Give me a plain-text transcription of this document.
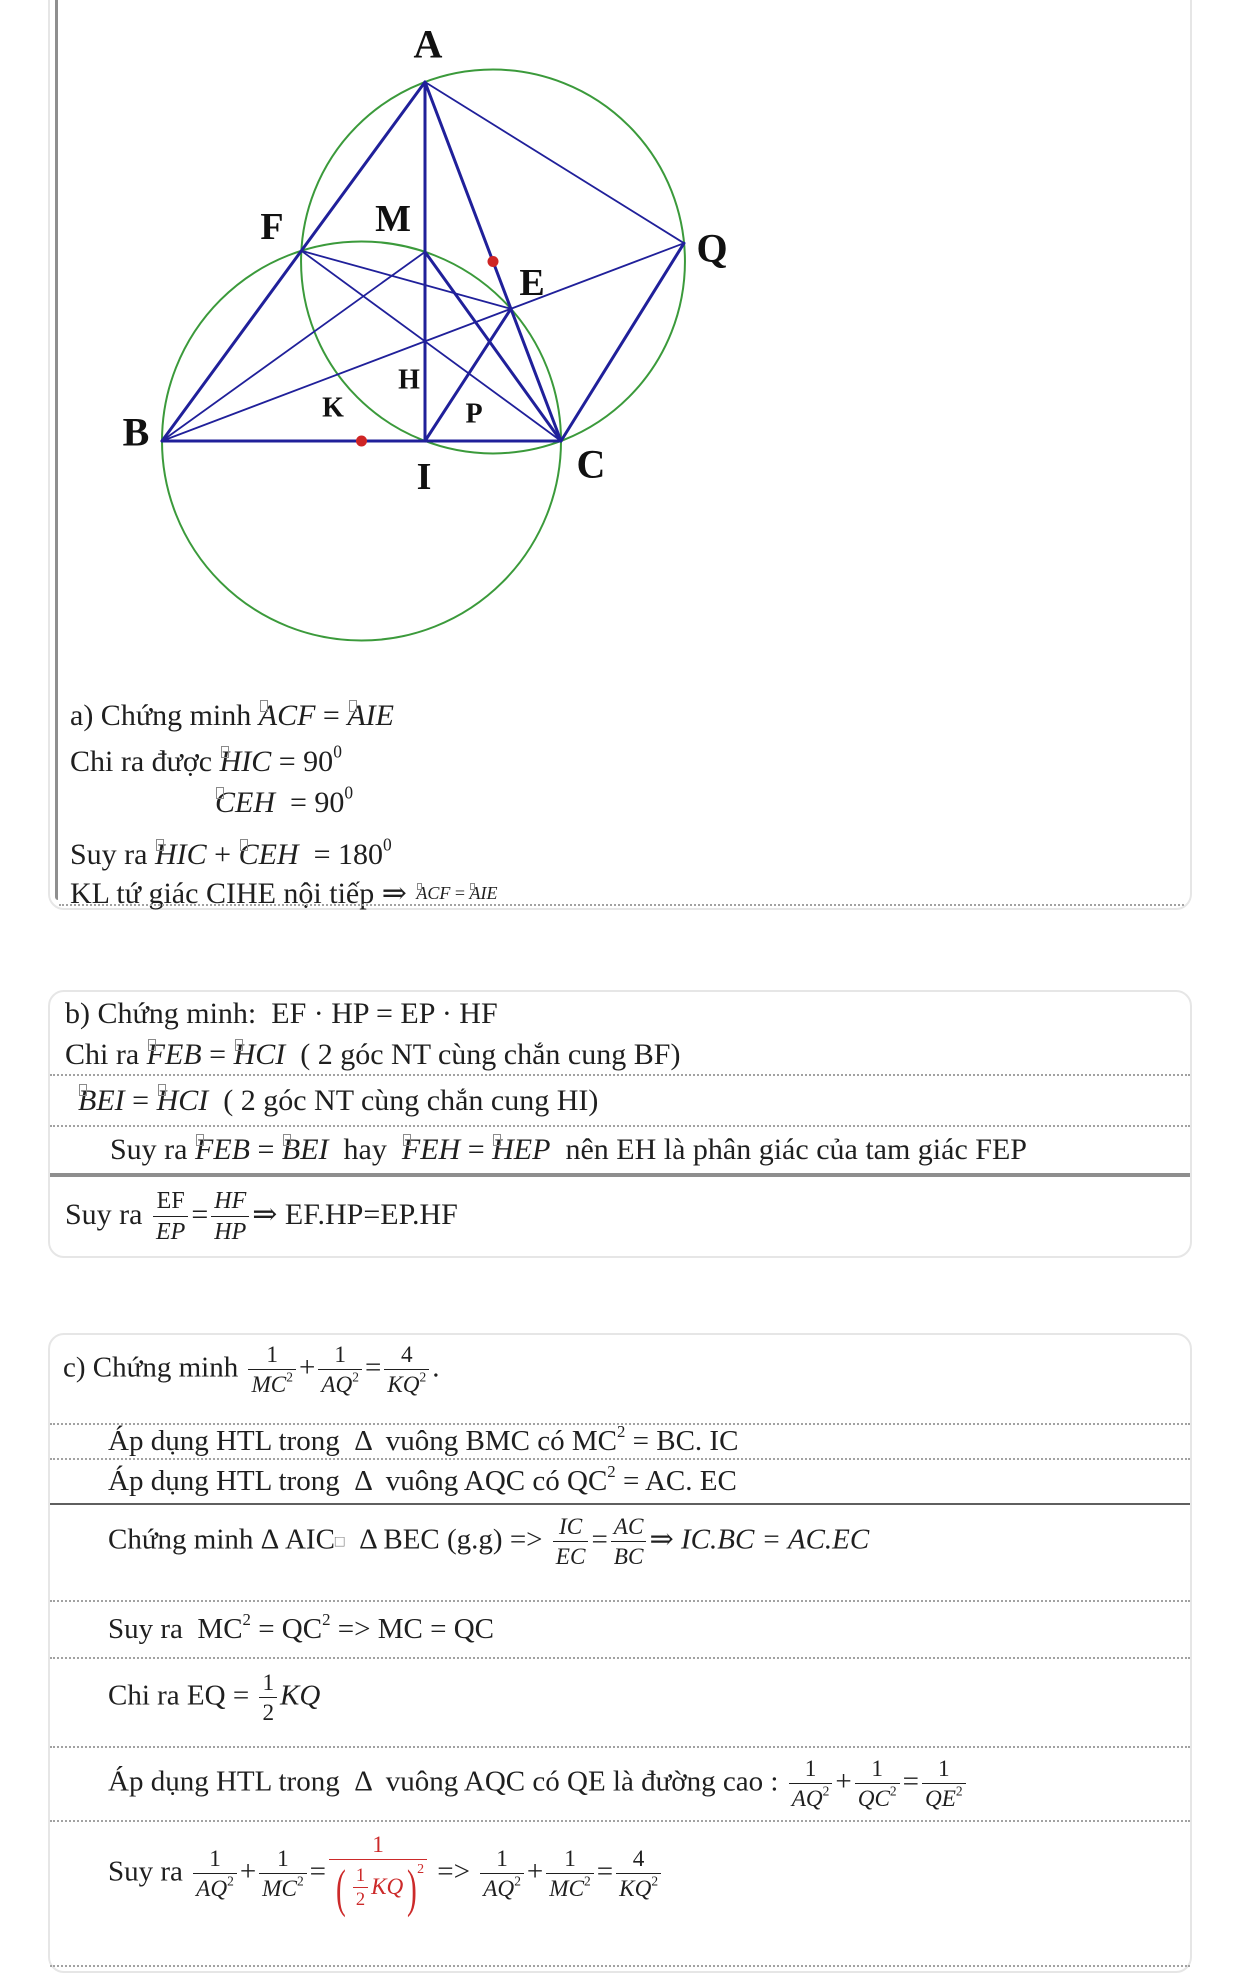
a) Chứng minh
ACF =
AIE
Chi ra được
HIC = $90^0$
CEH  = $90^0$
Suy ra
HIC +
CEH  = $180^0$
KL tứ giác CIHE nội tiếp ⇒ ACF =
AIE
A
B
C
E
F
H
I
K
M
P
Q
b) Chứng minh:  EF · HP = EP · HF
Chi ra
FEB =
HCI  ( 2 góc NT cùng chắn cung BF)
BEI =
HCI  ( 2 góc NT cùng chắn cung HI)
Suy ra
FEB =
BEI  hay
FEH =
HEP  nên EH là phân giác của tam giác FEP
Suy ra $\frac{EF}{EP} = \frac{HF}{HP}$ ⇒ EF.HP=EP.HF
c) Chứng minh $\frac{1}{MC^2} + \frac{1}{AQ^2} = \frac{4}{KQ^2}$ .
Áp dụng HTL trong  Δ  vuông BMC có $MC^2$ = BC. IC
Áp dụng HTL trong  Δ  vuông AQC có $QC^2$ = AC. EC
Chứng minh Δ AIC□  Δ BEC $(g.g) => \frac{IC}{EC} = \frac{AC}{BC}$ ⇒ IC.BC = AC.EC
Suy ra  $MC^2 = QC^2$ => MC = QC
Chi ra EQ = $\frac{1}{2}$ KQ
Áp dụng HTL trong  Δ  vuông AQC có QE là đường cao : $\frac{1}{AQ^2} + \frac{1}{QC^2} = \frac{1}{QE^2}$
Suy ra $\frac{1}{AQ^2} + \frac{1}{MC^2} = \frac{1}{( \frac{1}{2} KQ ) 2} => \frac{1}{AQ^2} + \frac{1}{MC^2} = \frac{4}{KQ^2}$
